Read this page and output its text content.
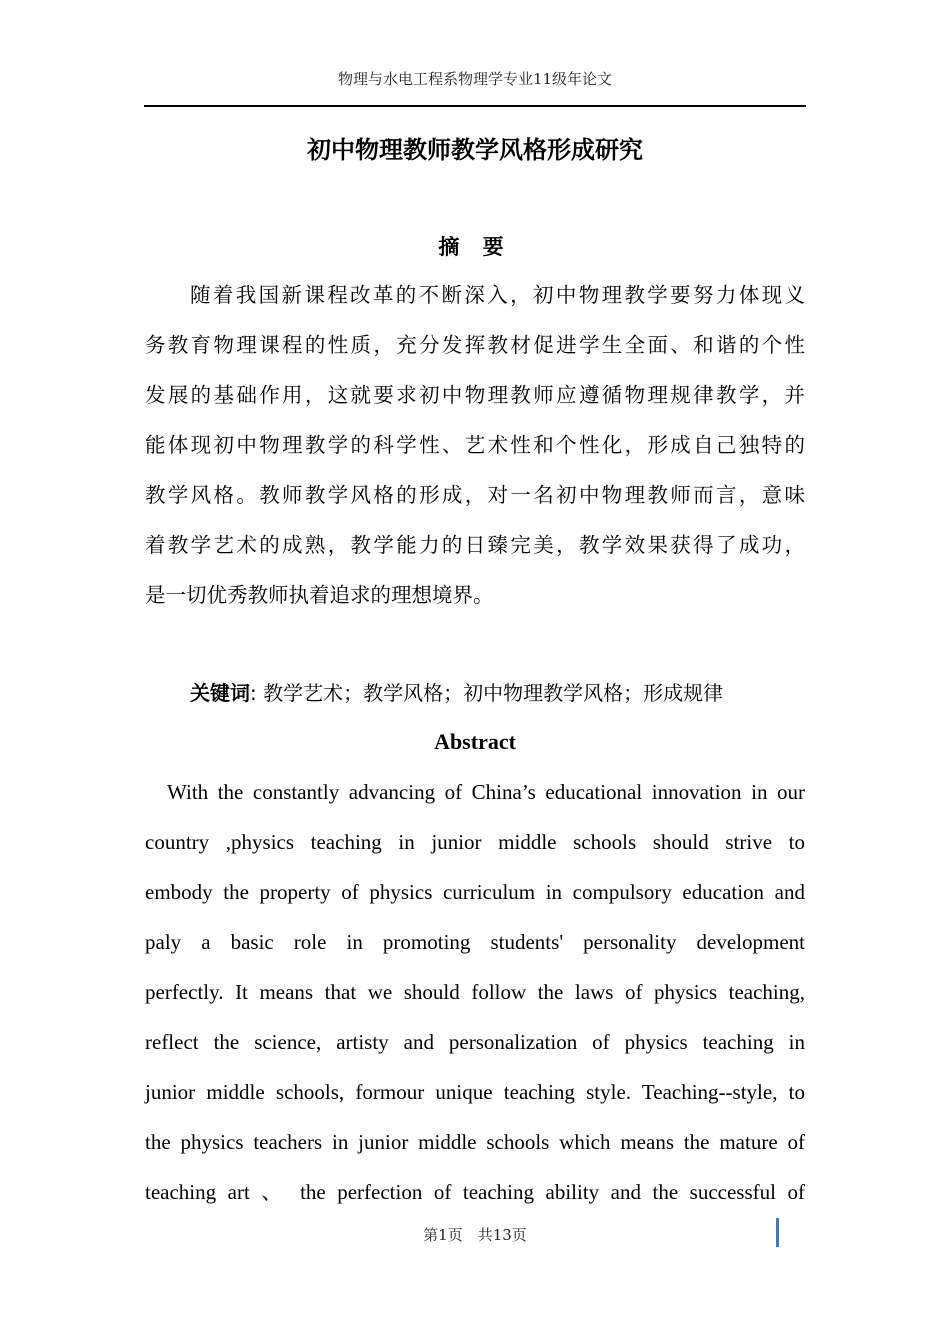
物理与水电工程系物理学专业11级年论文
初中物理教师教学风格形成研究
摘 要
随着我国新课程改革的不断深入，初中物理教学要努力体现义
务教育物理课程的性质，充分发挥教材促进学生全面、和谐的个性
发展的基础作用，这就要求初中物理教师应遵循物理规律教学，并
能体现初中物理教学的科学性、艺术性和个性化，形成自己独特的
教学风格。教师教学风格的形成，对一名初中物理教师而言，意味
着教学艺术的成熟，教学能力的日臻完美，教学效果获得了成功，
是一切优秀教师执着追求的理想境界。
关键词: 教学艺术；教学风格；初中物理教学风格；形成规律
Abstract
With the constantly advancing of China’s educational innovation in our
country ,physics teaching in junior middle schools should strive to
embody the property of physics curriculum in compulsory education and
paly a basic role in promoting students' personality development
perfectly. It means that we should follow the laws of physics teaching,
reflect the science, artisty and personalization of physics teaching in
junior middle schools, formour unique teaching style. Teaching--style, to
the physics teachers in junior middle schools which means the mature of
teaching art 、 the perfection of teaching ability and the successful of
第1页　共13页
